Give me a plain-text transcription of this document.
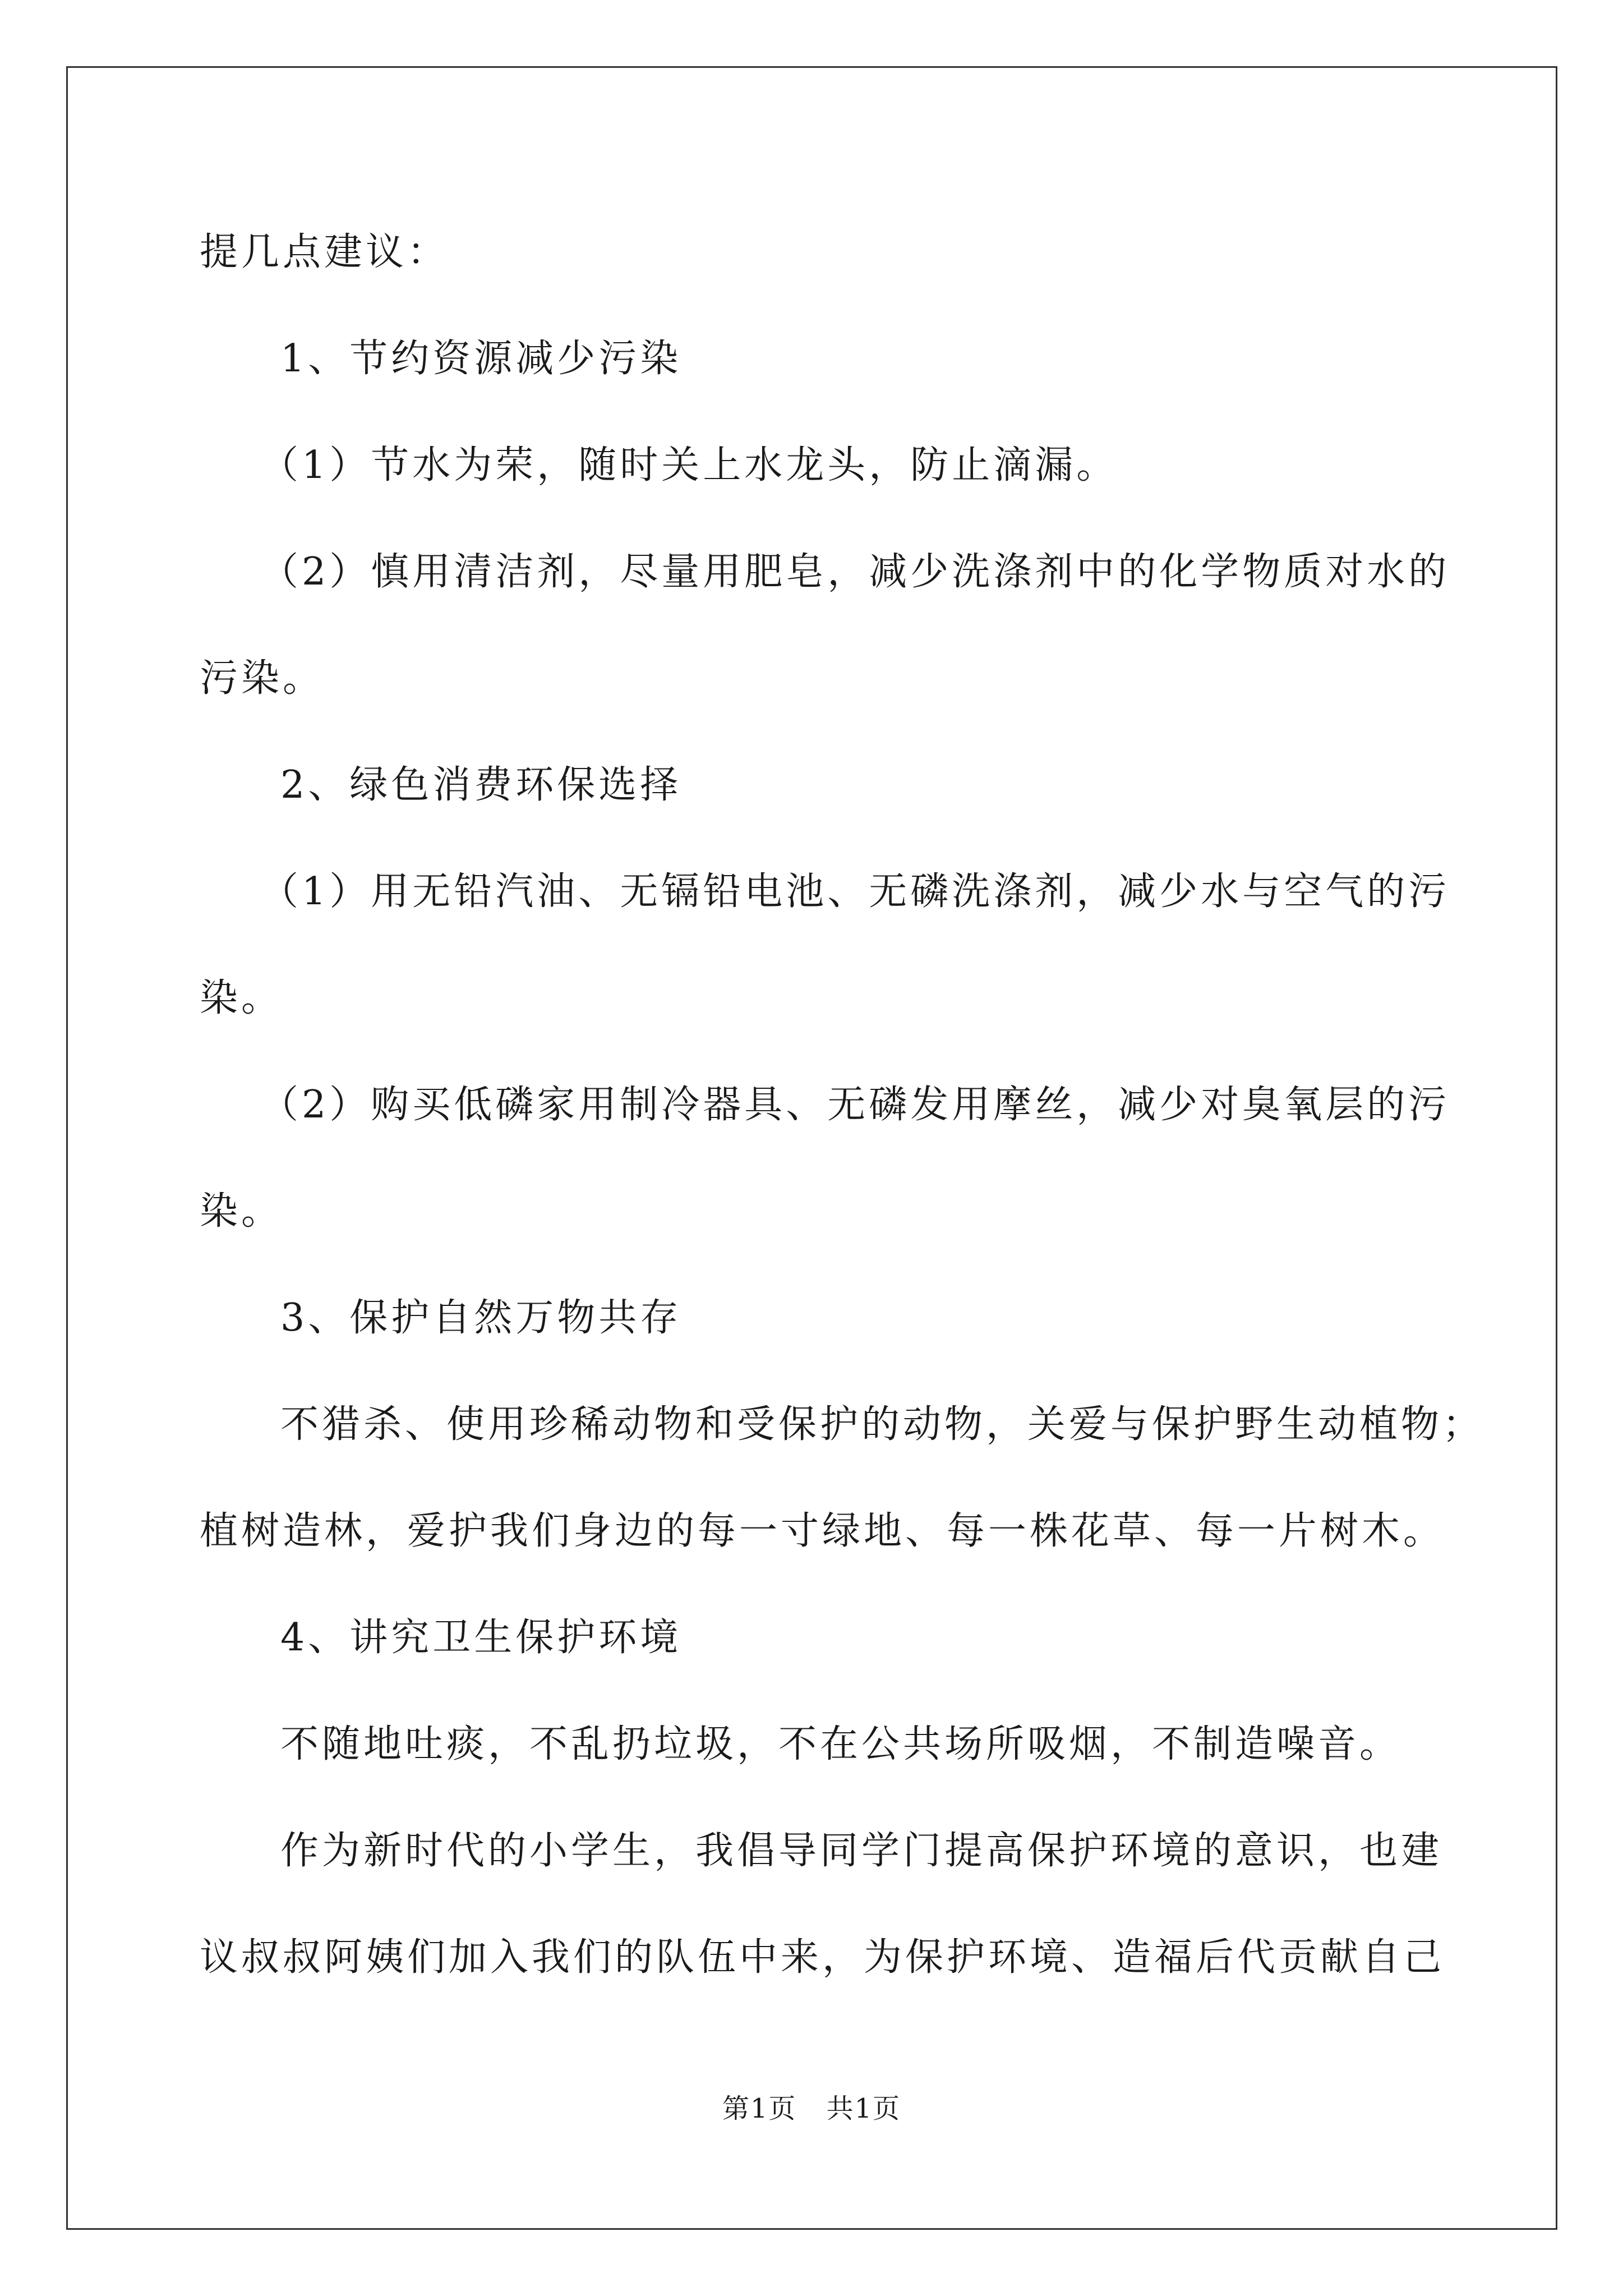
提几点建议：

1、节约资源减少污染

（1）节水为荣，随时关上水龙头，防止滴漏。

（2）慎用清洁剂，尽量用肥皂，减少洗涤剂中的化学物质对水的

污染。

2、绿色消费环保选择

（1）用无铅汽油、无镉铅电池、无磷洗涤剂，减少水与空气的污

染。

（2）购买低磷家用制冷器具、无磷发用摩丝，减少对臭氧层的污

染。

3、保护自然万物共存

不猎杀、使用珍稀动物和受保护的动物，关爱与保护野生动植物；

植树造林，爱护我们身边的每一寸绿地、每一株花草、每一片树木。

4、讲究卫生保护环境

不随地吐痰，不乱扔垃圾，不在公共场所吸烟，不制造噪音。

作为新时代的小学生，我倡导同学门提高保护环境的意识，也建

议叔叔阿姨们加入我们的队伍中来，为保护环境、造福后代贡献自己

第1页 共1页
